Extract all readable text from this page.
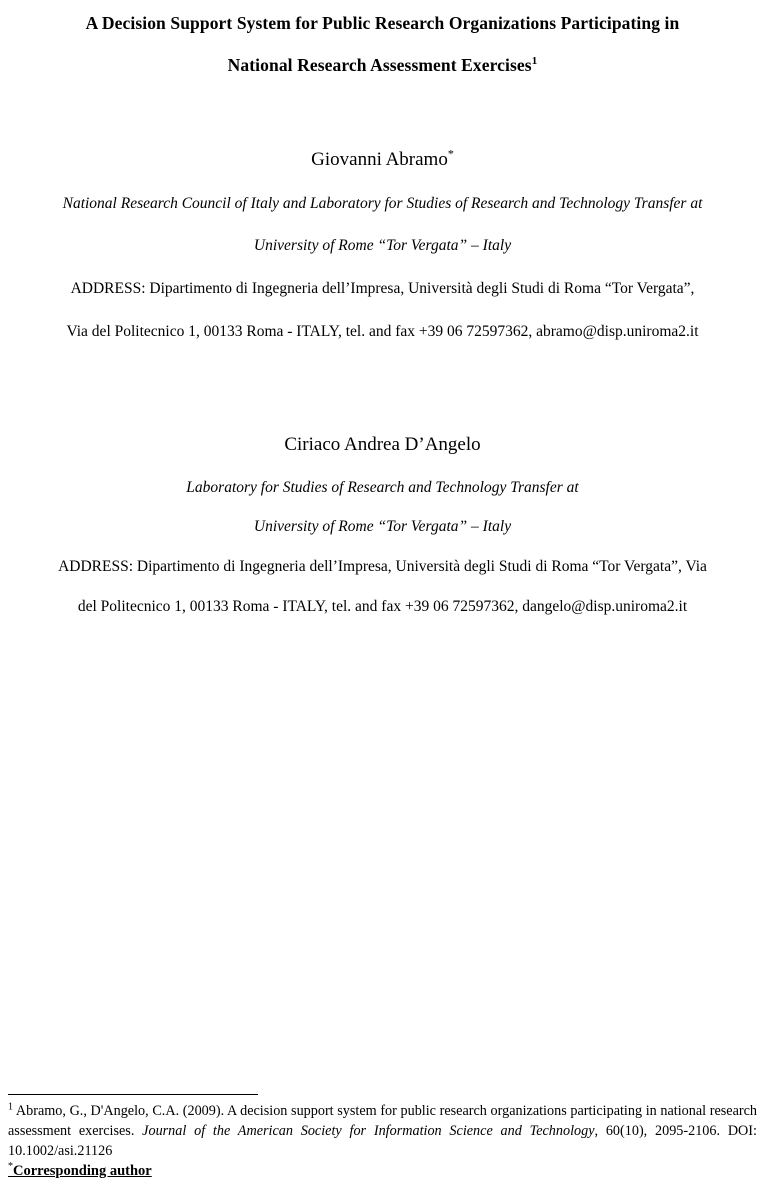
A Decision Support System for Public Research Organizations Participating in
National Research Assessment Exercises$^1$

Giovanni Abramo*

National Research Council of Italy and Laboratory for Studies of Research and Technology Transfer at

University of Rome “Tor Vergata” – Italy

ADDRESS: Dipartimento di Ingegneria dell’Impresa, Università degli Studi di Roma “Tor Vergata”,

Via del Politecnico 1, 00133 Roma - ITALY, tel. and fax +39 06 72597362, abramo@disp.uniroma2.it

Ciriaco Andrea D’Angelo

Laboratory for Studies of Research and Technology Transfer at

University of Rome “Tor Vergata” – Italy

ADDRESS: Dipartimento di Ingegneria dell’Impresa, Università degli Studi di Roma “Tor Vergata”, Via

del Politecnico 1, 00133 Roma - ITALY, tel. and fax +39 06 72597362, dangelo@disp.uniroma2.it

$^1$ Abramo, G., D'Angelo, C.A. (2009). A decision support system for public research organizations participating in national research assessment exercises. Journal of the American Society for Information Science and Technology, 60(10), 2095-2106. DOI: 10.1002/asi.21126

*Corresponding author
